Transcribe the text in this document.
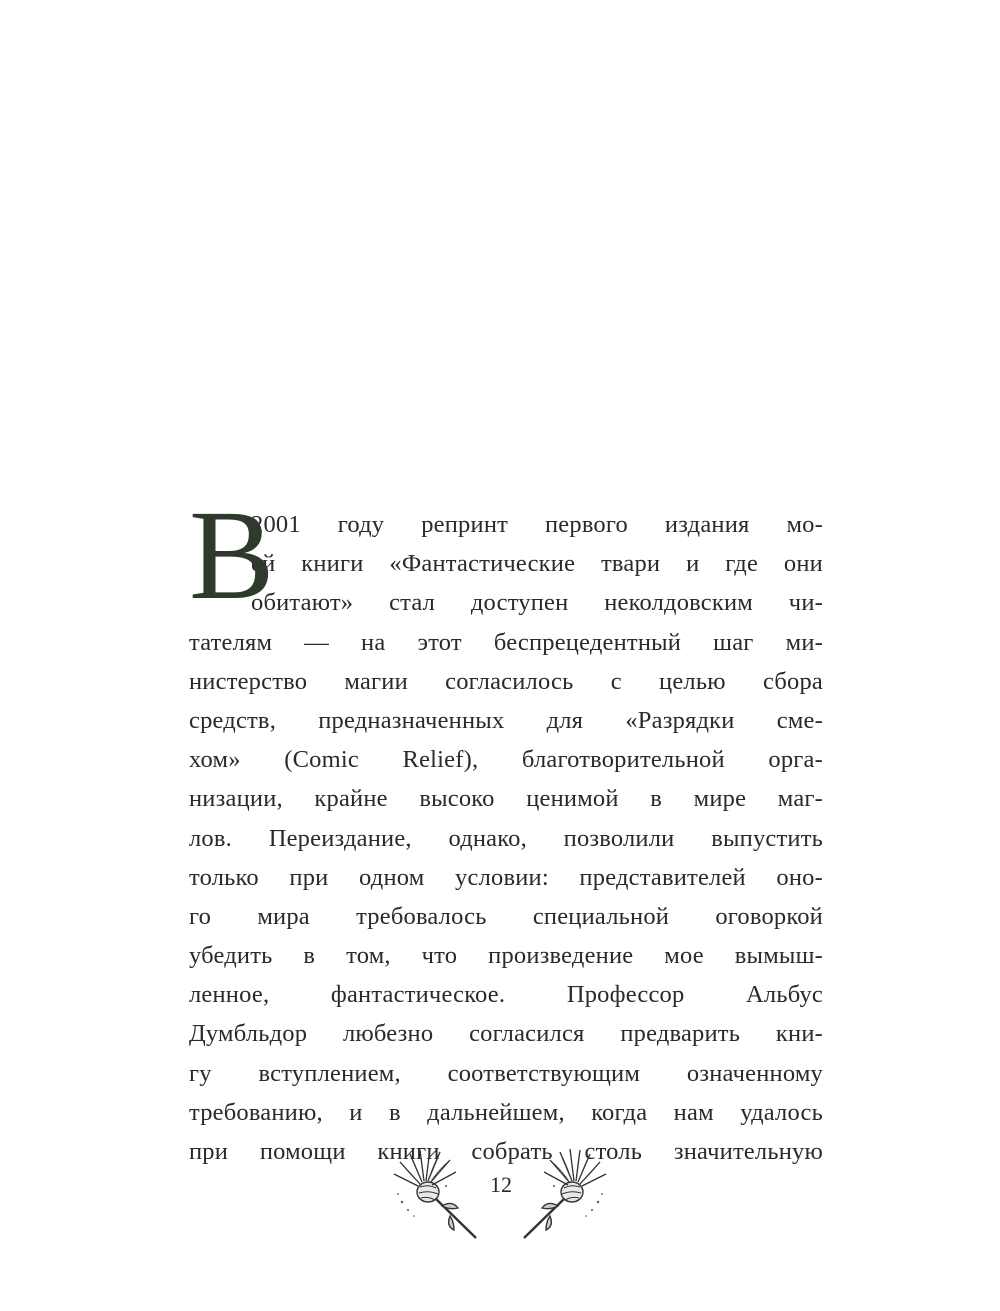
В
2001 году репринт первого издания мо-
ей книги «Фантастические твари и где они
обитают» стал доступен неколдовским чи-
тателям — на этот беспрецедентный шаг ми-
нистерство магии согласилось с целью сбора
средств, предназначенных для «Разрядки сме-
хом» (Comic Relief), благотворительной орга-
низации, крайне высоко ценимой в мире маг-
лов. Переиздание, однако, позволили выпустить
только при одном условии: представителей оно-
го мира требовалось специальной оговоркой
убедить в том, что произведение мое вымыш-
ленное, фантастическое. Профессор Альбус
Думбльдор любезно согласился предварить кни-
гу вступлением, соответствующим означенному
требованию, и в дальнейшем, когда нам удалось
при помощи книги собрать столь значительную
12
